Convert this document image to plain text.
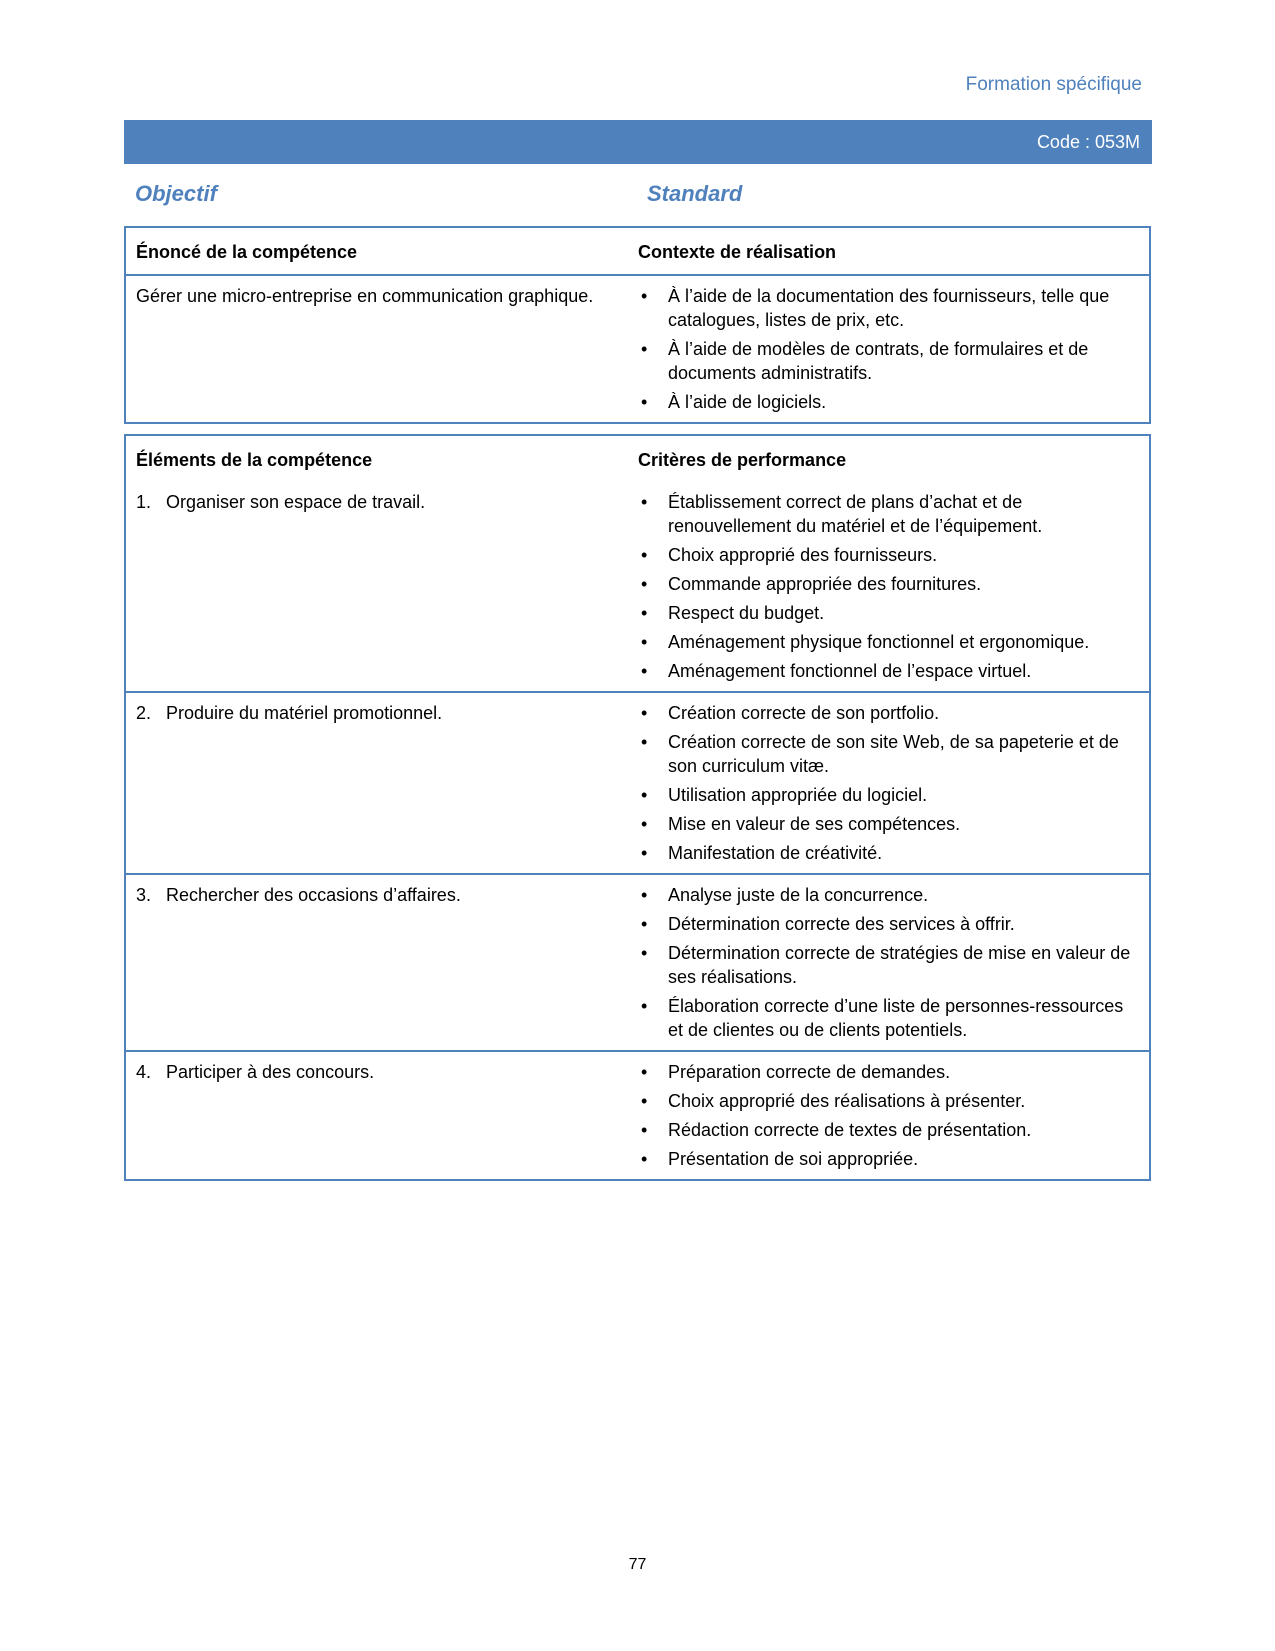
Formation spécifique
Code : 053M
Objectif	Standard
Énoncé de la compétence	Contexte de réalisation
Gérer une micro-entreprise en communication graphique.	• À l’aide de la documentation des fournisseurs, telle que catalogues, listes de prix, etc.
• À l’aide de modèles de contrats, de formulaires et de documents administratifs.
• À l’aide de logiciels.
Éléments de la compétence	Critères de performance
1. Organiser son espace de travail.	• Établissement correct de plans d’achat et de renouvellement du matériel et de l’équipement.
• Choix approprié des fournisseurs.
• Commande appropriée des fournitures.
• Respect du budget.
• Aménagement physique fonctionnel et ergonomique.
• Aménagement fonctionnel de l’espace virtuel.
2. Produire du matériel promotionnel.	• Création correcte de son portfolio.
• Création correcte de son site Web, de sa papeterie et de son curriculum vitæ.
• Utilisation appropriée du logiciel.
• Mise en valeur de ses compétences.
• Manifestation de créativité.
3. Rechercher des occasions d’affaires.	• Analyse juste de la concurrence.
• Détermination correcte des services à offrir.
• Détermination correcte de stratégies de mise en valeur de ses réalisations.
• Élaboration correcte d’une liste de personnes-ressources et de clientes ou de clients potentiels.
4. Participer à des concours.	• Préparation correcte de demandes.
• Choix approprié des réalisations à présenter.
• Rédaction correcte de textes de présentation.
• Présentation de soi appropriée.
77
